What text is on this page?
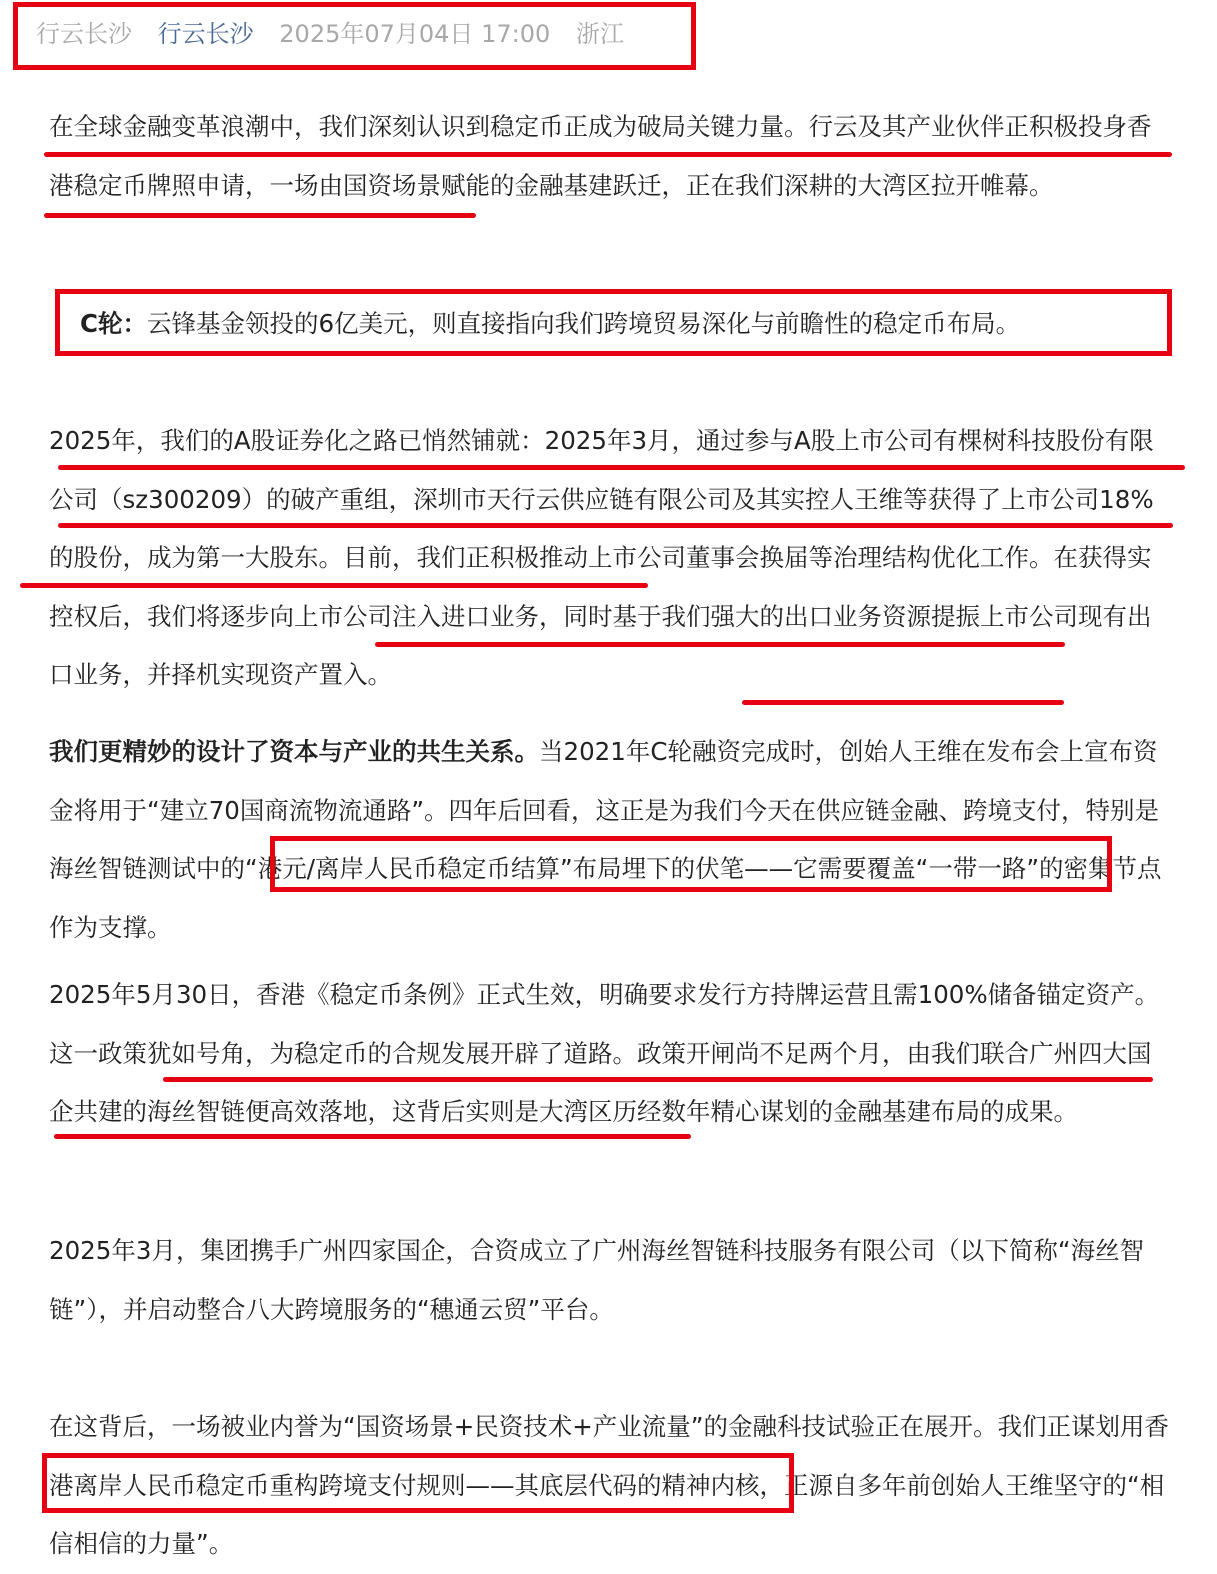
行云长沙 行云长沙 2025年07月04日 17:00 浙江
在全球金融变革浪潮中，我们深刻认识到稳定币正成为破局关键力量。行云及其产业伙伴正积极投身香港稳定币牌照申请，一场由国资场景赋能的金融基建跃迁，正在我们深耕的大湾区拉开帷幕。
C轮：云锋基金领投的6亿美元，则直接指向我们跨境贸易深化与前瞻性的稳定币布局。
2025年，我们的A股证券化之路已悄然铺就：2025年3月，通过参与A股上市公司有棵树科技股份有限公司（sz300209）的破产重组，深圳市天行云供应链有限公司及其实控人王维等获得了上市公司18%的股份，成为第一大股东。目前，我们正积极推动上市公司董事会换届等治理结构优化工作。在获得实控权后，我们将逐步向上市公司注入进口业务，同时基于我们强大的出口业务资源提振上市公司现有出口业务，并择机实现资产置入。
我们更精妙的设计了资本与产业的共生关系。当2021年C轮融资完成时，创始人王维在发布会上宣布资金将用于“建立70国商流物流通路”。四年后回看，这正是为我们今天在供应链金融、跨境支付，特别是海丝智链测试中的“港元/离岸人民币稳定币结算”布局埋下的伏笔——它需要覆盖“一带一路”的密集节点作为支撑。
2025年5月30日，香港《稳定币条例》正式生效，明确要求发行方持牌运营且需100%储备锚定资产。这一政策犹如号角，为稳定币的合规发展开辟了道路。政策开闸尚不足两个月，由我们联合广州四大国企共建的海丝智链便高效落地，这背后实则是大湾区历经数年精心谋划的金融基建布局的成果。
2025年3月，集团携手广州四家国企，合资成立了广州海丝智链科技服务有限公司（以下简称“海丝智链”），并启动整合八大跨境服务的“穗通云贸”平台。
在这背后，一场被业内誉为“国资场景+民资技术+产业流量”的金融科技试验正在展开。我们正谋划用香港离岸人民币稳定币重构跨境支付规则——其底层代码的精神内核，正源自多年前创始人王维坚守的“相信相信的力量”。
